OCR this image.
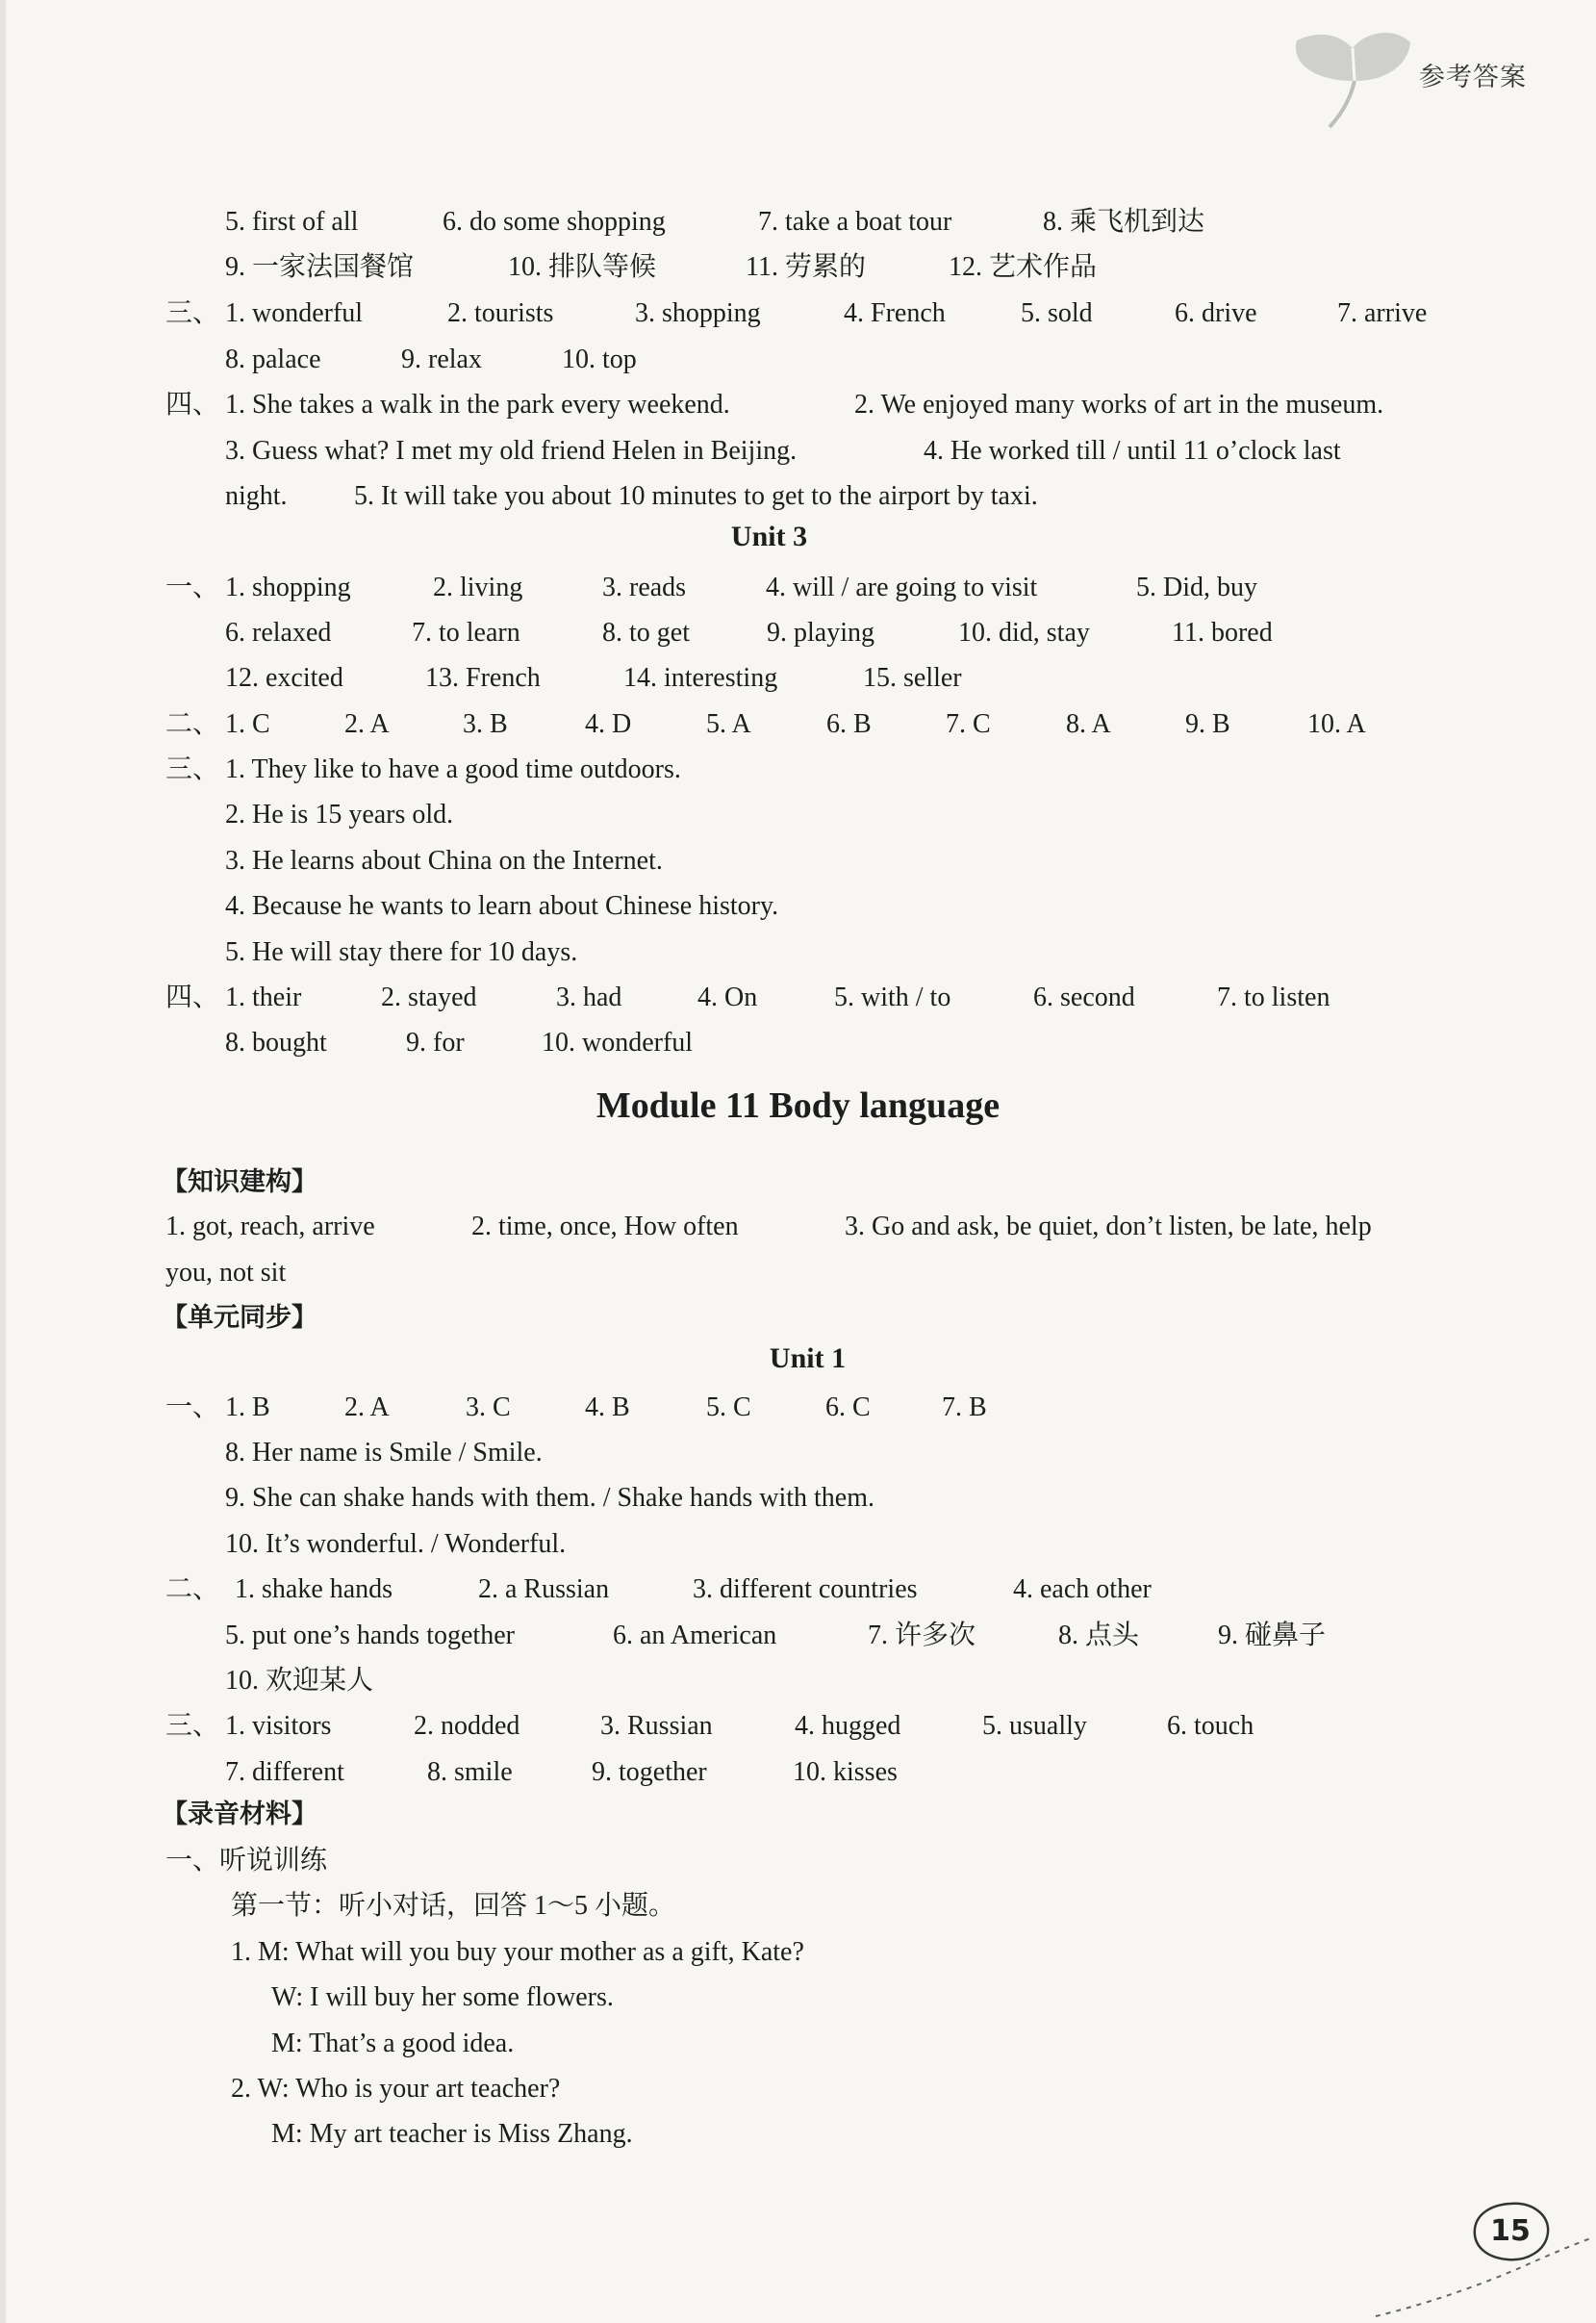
参考答案
5. first of all	6. do some shopping	7. take a boat tour	8. 乘飞机到达
9. 一家法国餐馆	10. 排队等候	11. 劳累的	12. 艺术作品
三、 1. wonderful	2. tourists	3. shopping	4. French	5. sold	6. drive	7. arrive
8. palace	9. relax	10. top
四、 1. She takes a walk in the park every weekend.	2. We enjoyed many works of art in the museum.
3. Guess what? I met my old friend Helen in Beijing.	4. He worked till / until 11 o’clock last
night. 5. It will take you about 10 minutes to get to the airport by taxi.
Unit 3
一、 1. shopping	2. living	3. reads	4. will / are going to visit	5. Did, buy
6. relaxed	7. to learn	8. to get	9. playing	10. did, stay	11. bored
12. excited	13. French	14. interesting	15. seller
二、 1. C	2. A	3. B	4. D	5. A	6. B	7. C	8. A	9. B	10. A
三、 1. They like to have a good time outdoors.
2. He is 15 years old.
3. He learns about China on the Internet.
4. Because he wants to learn about Chinese history.
5. He will stay there for 10 days.
四、 1. their	2. stayed	3. had	4. On	5. with / to	6. second	7. to listen
8. bought	9. for	10. wonderful
Module 11 Body language
【知识建构】
1. got, reach, arrive	2. time, once, How often	3. Go and ask, be quiet, don’t listen, be late, help
you, not sit
【单元同步】
Unit 1
一、 1. B	2. A	3. C	4. B	5. C	6. C	7. B
8. Her name is Smile / Smile.
9. She can shake hands with them. / Shake hands with them.
10. It’s wonderful. / Wonderful.
二、 1. shake hands	2. a Russian	3. different countries	4. each other
5. put one’s hands together	6. an American	7. 许多次	8. 点头	9. 碰鼻子
10. 欢迎某人
三、 1. visitors	2. nodded	3. Russian	4. hugged	5. usually	6. touch
7. different	8. smile	9. together	10. kisses
【录音材料】
一、听说训练
第一节：听小对话，回答 1～5 小题。
1. M: What will you buy your mother as a gift, Kate?
W: I will buy her some flowers.
M: That’s a good idea.
2. W: Who is your art teacher?
M: My art teacher is Miss Zhang.
15
